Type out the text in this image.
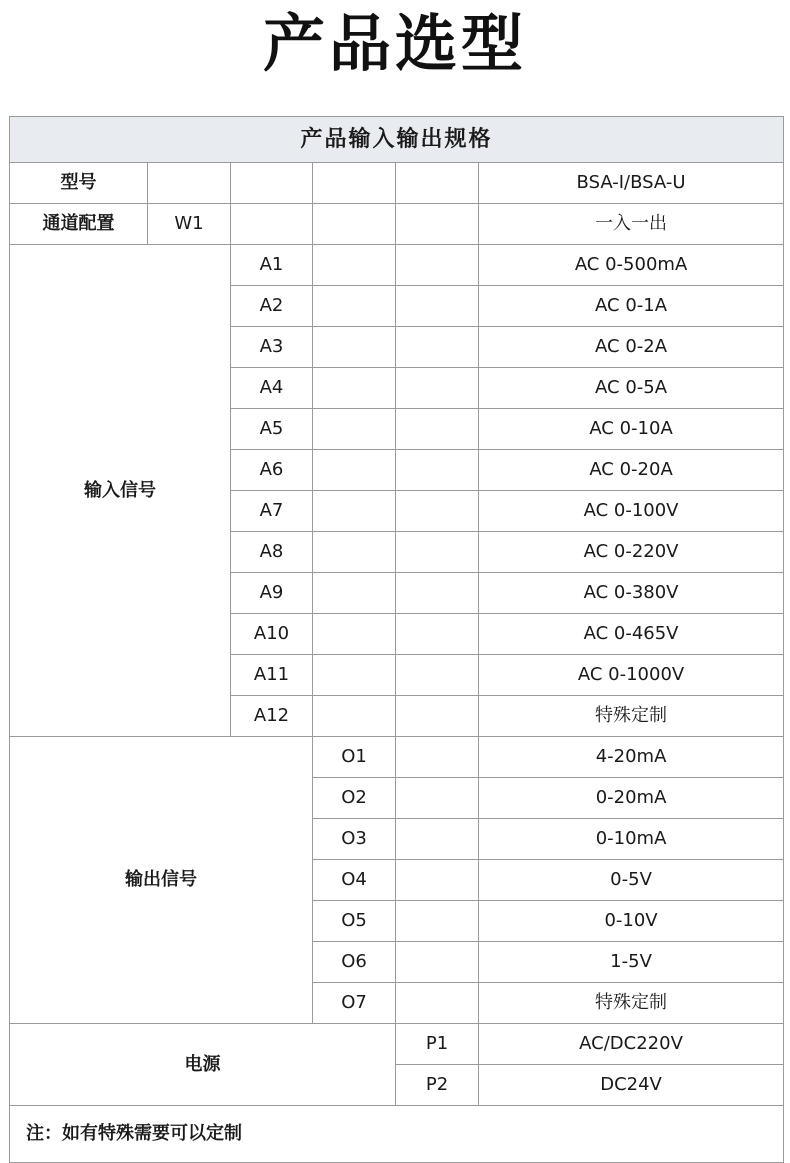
产品选型
产品输入输出规格					
型号					BSA-I/BSA-U
通道配置	W1				一入一出
输入信号		A1			AC 0-500mA
		A2			AC 0-1A
		A3			AC 0-2A
		A4			AC 0-5A
		A5			AC 0-10A
		A6			AC 0-20A
		A7			AC 0-100V
		A8			AC 0-220V
		A9			AC 0-380V
		A10			AC 0-465V
		A11			AC 0-1000V
		A12			特殊定制
输出信号			O1		4-20mA
			O2		0-20mA
			O3		0-10mA
			O4		0-5V
			O5		0-10V
			O6		1-5V
			O7		特殊定制
电源				P1	AC/DC220V
				P2	DC24V
注：如有特殊需要可以定制					
